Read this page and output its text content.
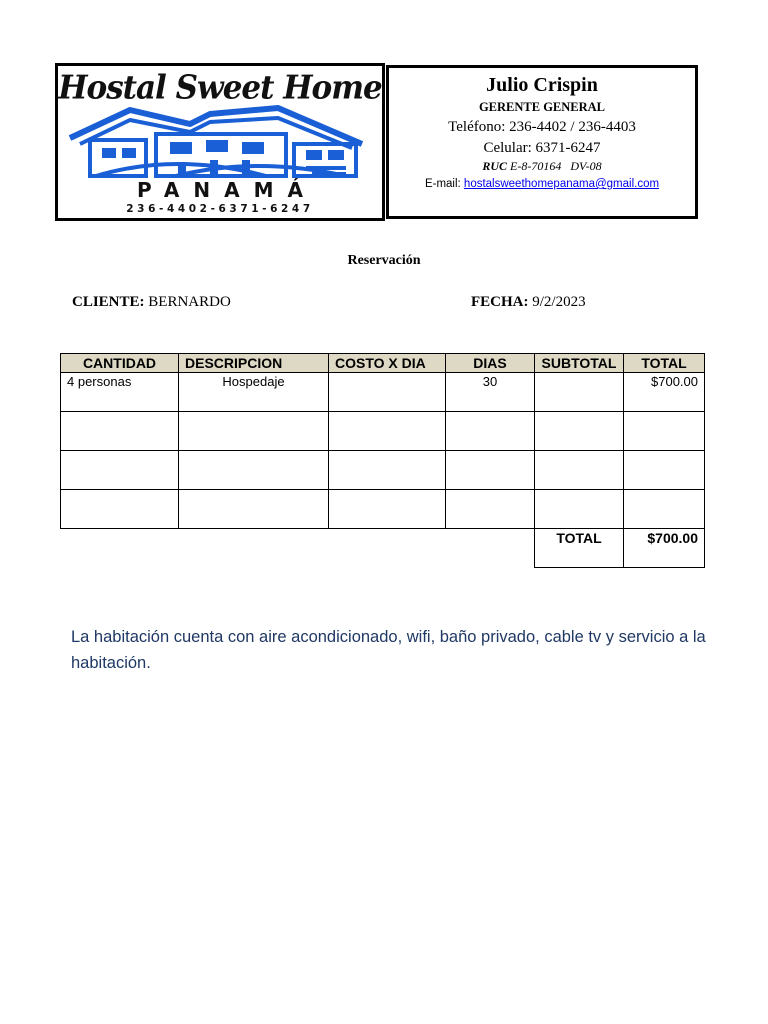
Hostal Sweet Home
PANAMÁ
236-4402-6371-6247
Julio Crispin
GERENTE GENERAL
Teléfono: 236-4402 / 236-4403
Celular: 6371-6247
RUC E-8-70164   DV-08
E-mail: hostalsweethomepanama@gmail.com
Reservación
CLIENTE: BERNARDO	FECHA: 9/2/2023
CANTIDAD	DESCRIPCION	COSTO X DIA	DIAS	SUBTOTAL	TOTAL
4 personas	Hospedaje		30		$700.00

				TOTAL	$700.00
La habitación cuenta con aire acondicionado, wifi, baño privado, cable tv y servicio a la habitación.
